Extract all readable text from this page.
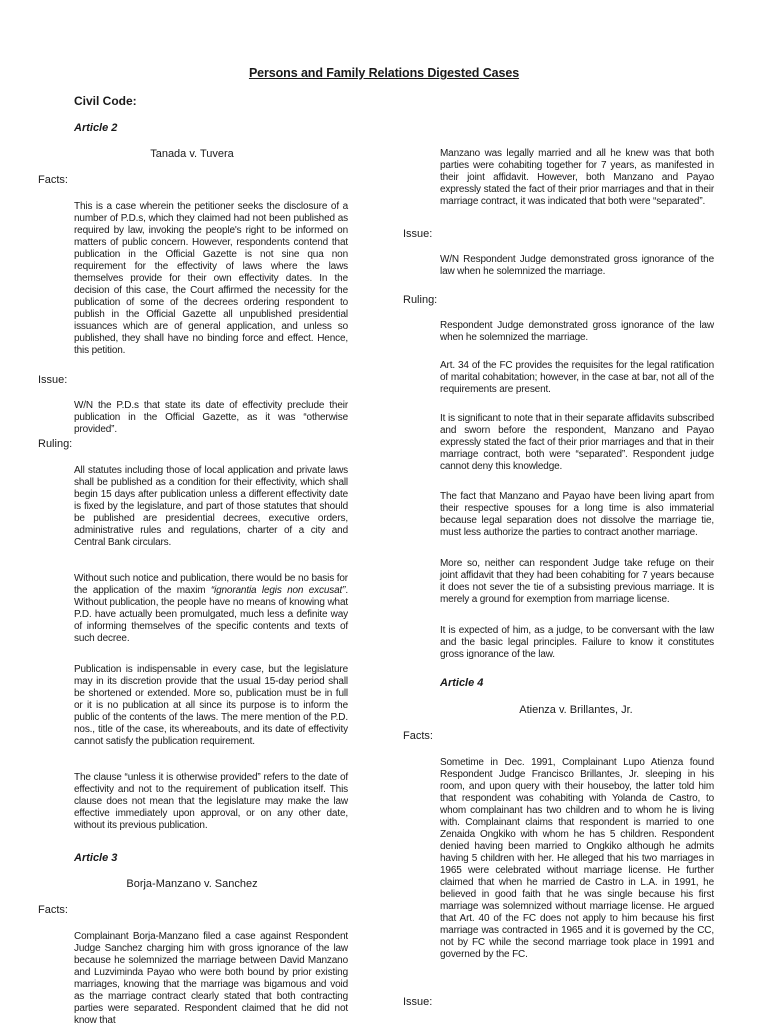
Persons and Family Relations Digested Cases
Civil Code:
Article 2
Tanada v. Tuvera
Facts:

This is a case wherein the petitioner seeks the disclosure of a number of P.D.s, which they claimed had not been published as required by law, invoking the people's right to be informed on matters of public concern. However, respondents contend that publication in the Official Gazette is not sine qua non requirement for the effectivity of laws where the laws themselves provide for their own effectivity dates. In the decision of this case, the Court affirmed the necessity for the publication of some of the decrees ordering respondent to publish in the Official Gazette all unpublished presidential issuances which are of general application, and unless so published, they shall have no binding force and effect. Hence, this petition.

Issue:

W/N the P.D.s that state its date of effectivity preclude their publication in the Official Gazette, as it was “otherwise provided”.

Ruling:

All statutes including those of local application and private laws shall be published as a condition for their effectivity, which shall begin 15 days after publication unless a different effectivity date is fixed by the legislature, and part of those statutes that should be published are presidential decrees, executive orders, administrative rules and regulations, charter of a city and Central Bank circulars.

Without such notice and publication, there would be no basis for the application of the maxim “ignorantia legis non excusat”. Without publication, the people have no means of knowing what P.D. have actually been promulgated, much less a definite way of informing themselves of the specific contents and texts of such decree.

Publication is indispensable in every case, but the legislature may in its discretion provide that the usual 15-day period shall be shortened or extended. More so, publication must be in full or it is no publication at all since its purpose is to inform the public of the contents of the laws. The mere mention of the P.D. nos., title of the case, its whereabouts, and its date of effectivity cannot satisfy the publication requirement.

The clause “unless it is otherwise provided” refers to the date of effectivity and not to the requirement of publication itself. This clause does not mean that the legislature may make the law effective immediately upon approval, or on any other date, without its previous publication.

Article 3
Borja-Manzano v. Sanchez
Facts:

Complainant Borja-Manzano filed a case against Respondent Judge Sanchez charging him with gross ignorance of the law because he solemnized the marriage between David Manzano and Luzviminda Payao who were both bound by prior existing marriages, knowing that the marriage was bigamous and void as the marriage contract clearly stated that both contracting parties were separated. Respondent claimed that he did not know that

Manzano was legally married and all he knew was that both parties were cohabiting together for 7 years, as manifested in their joint affidavit. However, both Manzano and Payao expressly stated the fact of their prior marriages and that in their marriage contract, it was indicated that both were “separated”.

Issue:

W/N Respondent Judge demonstrated gross ignorance of the law when he solemnized the marriage.

Ruling:

Respondent Judge demonstrated gross ignorance of the law when he solemnized the marriage.

Art. 34 of the FC provides the requisites for the legal ratification of marital cohabitation; however, in the case at bar, not all of the requirements are present.

It is significant to note that in their separate affidavits subscribed and sworn before the respondent, Manzano and Payao expressly stated the fact of their prior marriages and that in their marriage contract, both were “separated”. Respondent judge cannot deny this knowledge.

The fact that Manzano and Payao have been living apart from their respective spouses for a long time is also immaterial because legal separation does not dissolve the marriage tie, must less authorize the parties to contract another marriage.

More so, neither can respondent Judge take refuge on their joint affidavit that they had been cohabiting for 7 years because it does not sever the tie of a subsisting previous marriage. It is merely a ground for exemption from marriage license.

It is expected of him, as a judge, to be conversant with the law and the basic legal principles. Failure to know it constitutes gross ignorance of the law.

Article 4
Atienza v. Brillantes, Jr.
Facts:

Sometime in Dec. 1991, Complainant Lupo Atienza found Respondent Judge Francisco Brillantes, Jr. sleeping in his room, and upon query with their houseboy, the latter told him that respondent was cohabiting with Yolanda de Castro, to whom complainant has two children and to whom he is living with. Complainant claims that respondent is married to one Zenaida Ongkiko with whom he has 5 children. Respondent denied having been married to Ongkiko although he admits having 5 children with her. He alleged that his two marriages in 1965 were celebrated without marriage license. He further claimed that when he married de Castro in L.A. in 1991, he believed in good faith that he was single because his first marriage was solemnized without marriage license. He argued that Art. 40 of the FC does not apply to him because his first marriage was contracted in 1965 and it is governed by the CC, not by FC while the second marriage took place in 1991 and governed by the FC.

Issue:
